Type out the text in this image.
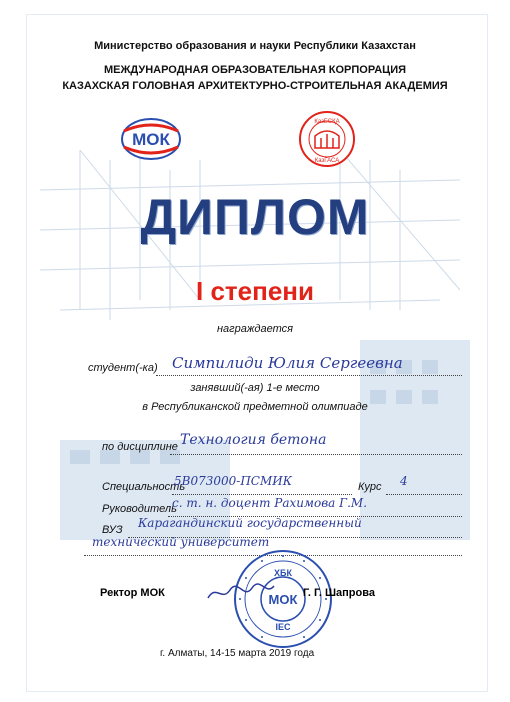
Министерство образования и науки Республики Казахстан
МЕЖДУНАРОДНАЯ ОБРАЗОВАТЕЛЬНАЯ КОРПОРАЦИЯ
КАЗАХСКАЯ ГОЛОВНАЯ АРХИТЕКТУРНО-СТРОИТЕЛЬНАЯ АКАДЕМИЯ
МОК
ҚазБСҚА
КазГАСА
ДИПЛОМ
I степени
награждается
студент(-ка) Симпилиди Юлия Сергеевна
занявший(-ая) 1-е место
в Республиканской предметной олимпиаде
по дисциплине Технология бетона
Специальность
5В073000-ПСМИК	Курс 4
Руководитель
с. т. н. доцент Рахимова Г.М.
ВУЗ Карагандинский государственный
технический университет
Ректор МОК
ХБК
МОК
IEC
Г. Г. Шапрова
г. Алматы, 14-15 марта 2019 года
